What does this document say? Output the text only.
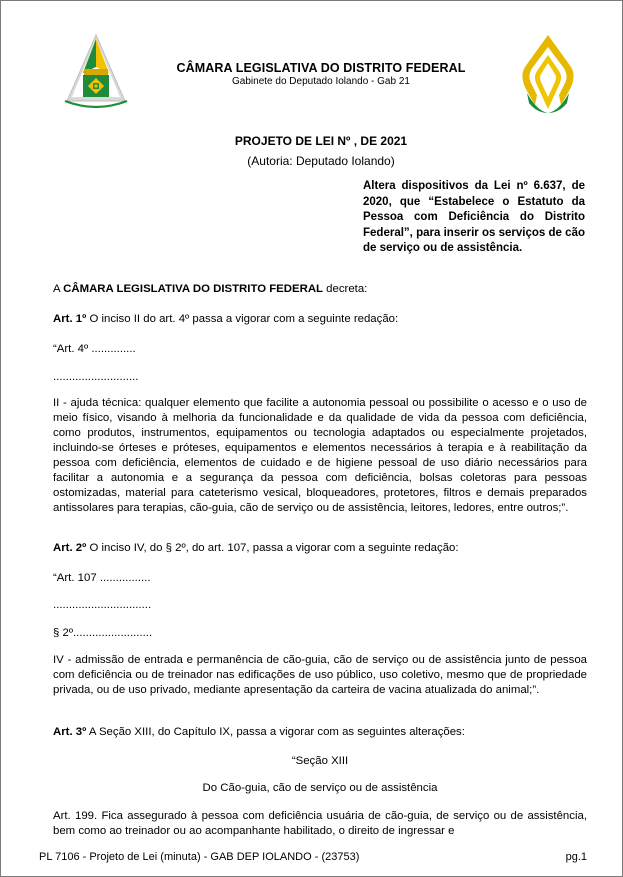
CÂMARA LEGISLATIVA DO DISTRITO FEDERAL
Gabinete do Deputado Iolando - Gab 21
PROJETO DE LEI Nº , DE 2021
(Autoria: Deputado Iolando)

Altera dispositivos da Lei nº 6.637, de 2020, que “Estabelece o Estatuto da Pessoa com Deficiência do Distrito Federal”, para inserir os serviços de cão de serviço ou de assistência.

A CÂMARA LEGISLATIVA DO DISTRITO FEDERAL decreta:

Art. 1º O inciso II do art. 4º passa a vigorar com a seguinte redação:

“Art. 4º ..............

...........................

II - ajuda técnica: qualquer elemento que facilite a autonomia pessoal ou possibilite o acesso e o uso de meio físico, visando à melhoria da funcionalidade e da qualidade de vida da pessoa com deficiência, como produtos, instrumentos, equipamentos ou tecnologia adaptados ou especialmente projetados, incluindo-se órteses e próteses, equipamentos e elementos necessários à terapia e à reabilitação da pessoa com deficiência, elementos de cuidado e de higiene pessoal de uso diário necessários para facilitar a autonomia e a segurança da pessoa com deficiência, bolsas coletoras para pessoas ostomizadas, material para cateterismo vesical, bloqueadores, protetores, filtros e demais preparados antissolares para terapias, cão-guia, cão de serviço ou de assistência, leitores, ledores, entre outros;”.

Art. 2º O inciso IV, do § 2º, do art. 107, passa a vigorar com a seguinte redação:

“Art. 107 ................

...............................

§ 2º.........................

IV - admissão de entrada e permanência de cão-guia, cão de serviço ou de assistência junto de pessoa com deficiência ou de treinador nas edificações de uso público, uso coletivo, mesmo que de propriedade privada, ou de uso privado, mediante apresentação da carteira de vacina atualizada do animal;”.

Art. 3º A Seção XIII, do Capítulo IX, passa a vigorar com as seguintes alterações:

“Seção XIII

Do Cão-guia, cão de serviço ou de assistência

Art. 199. Fica assegurado à pessoa com deficiência usuária de cão-guia, de serviço ou de assistência, bem como ao treinador ou ao acompanhante habilitado, o direito de ingressar e

PL 7106 - Projeto de Lei (minuta) - GAB DEP IOLANDO - (23753)	pg.1
